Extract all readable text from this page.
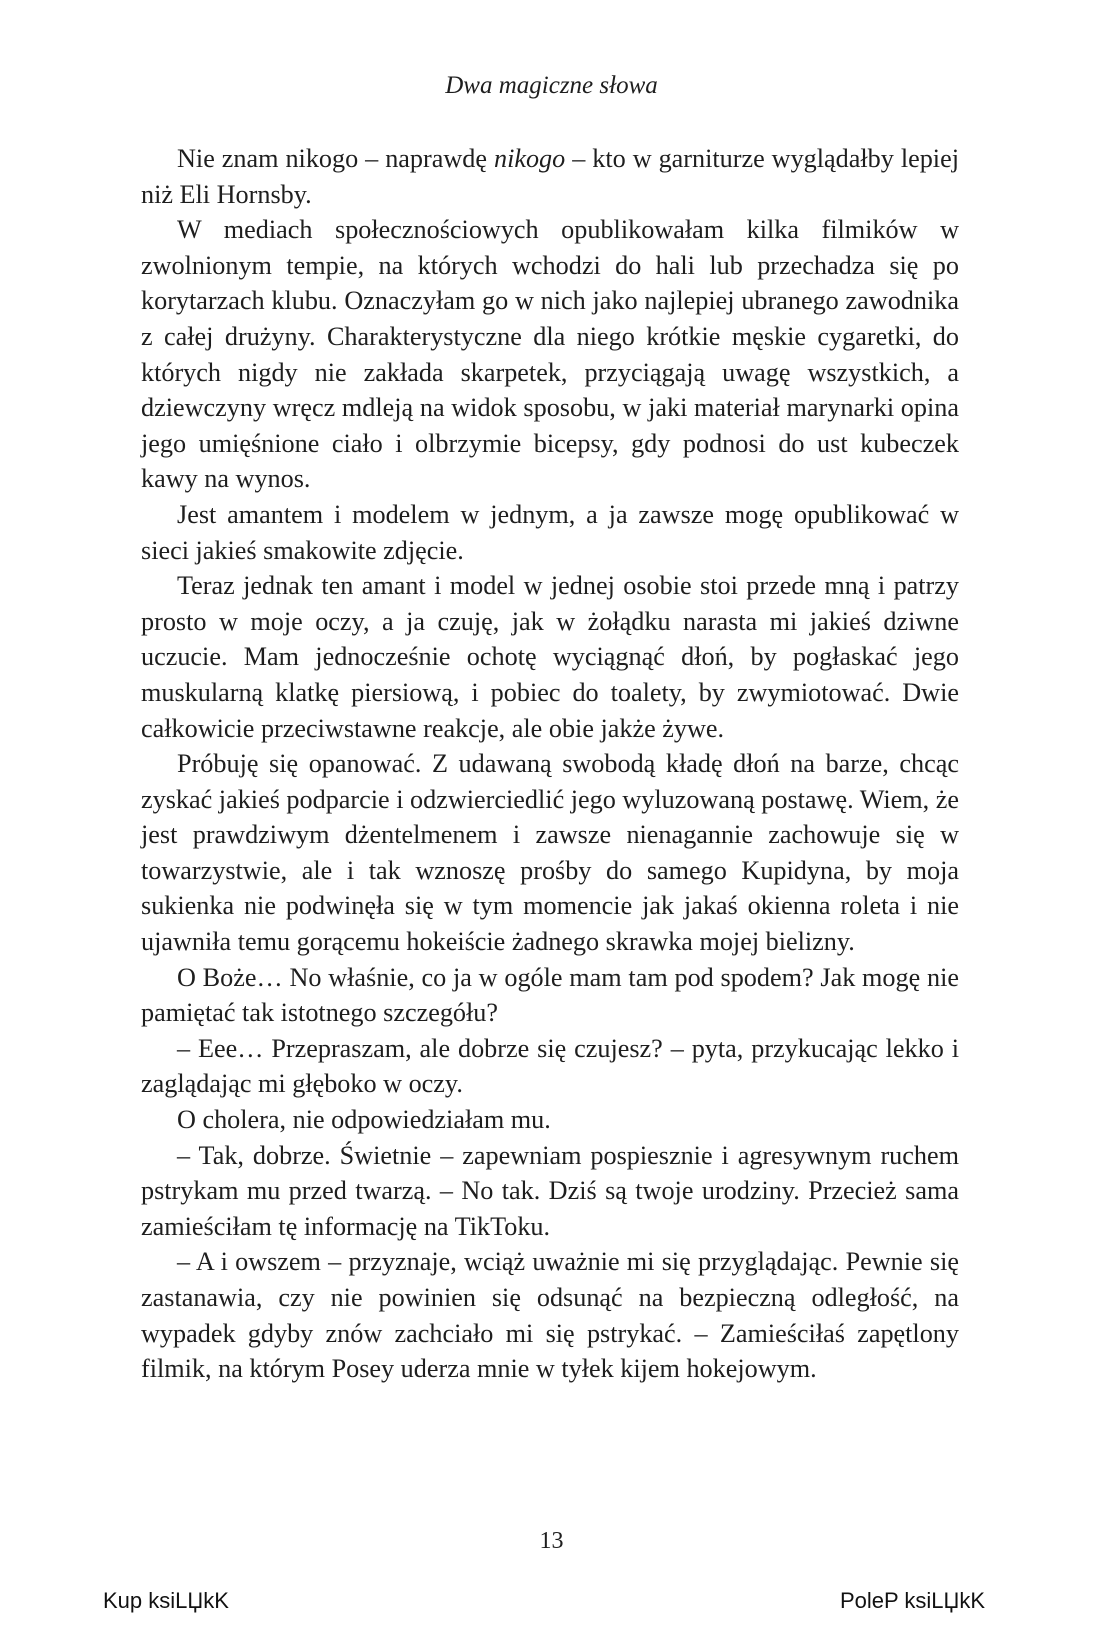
Dwa magiczne słowa

Nie znam nikogo – naprawdę nikogo – kto w garniturze wyglądałby lepiej niż Eli Hornsby.

W mediach społecznościowych opublikowałam kilka filmików w zwolnionym tempie, na których wchodzi do hali lub przechadza się po korytarzach klubu. Oznaczyłam go w nich jako najlepiej ubranego zawodnika z całej drużyny. Charakterystyczne dla niego krótkie męskie cygaretki, do których nigdy nie zakłada skarpetek, przyciągają uwagę wszystkich, a dziewczyny wręcz mdleją na widok sposobu, w jaki materiał marynarki opina jego umięśnione ciało i olbrzymie bicepsy, gdy podnosi do ust kubeczek kawy na wynos.

Jest amantem i modelem w jednym, a ja zawsze mogę opublikować w sieci jakieś smakowite zdjęcie.

Teraz jednak ten amant i model w jednej osobie stoi przede mną i patrzy prosto w moje oczy, a ja czuję, jak w żołądku narasta mi jakieś dziwne uczucie. Mam jednocześnie ochotę wyciągnąć dłoń, by pogłaskać jego muskularną klatkę piersiową, i pobiec do toalety, by zwymiotować. Dwie całkowicie przeciwstawne reakcje, ale obie jakże żywe.

Próbuję się opanować. Z udawaną swobodą kładę dłoń na barze, chcąc zyskać jakieś podparcie i odzwierciedlić jego wyluzowaną postawę. Wiem, że jest prawdziwym dżentelmenem i zawsze nienagannie zachowuje się w towarzystwie, ale i tak wznoszę prośby do samego Kupidyna, by moja sukienka nie podwinęła się w tym momencie jak jakaś okienna roleta i nie ujawniła temu gorącemu hokeiście żadnego skrawka mojej bielizny.

O Boże… No właśnie, co ja w ogóle mam tam pod spodem? Jak mogę nie pamiętać tak istotnego szczegółu?

– Eee… Przepraszam, ale dobrze się czujesz? – pyta, przykucając lekko i zaglądając mi głęboko w oczy.

O cholera, nie odpowiedziałam mu.

– Tak, dobrze. Świetnie – zapewniam pospiesznie i agresywnym ruchem pstrykam mu przed twarzą. – No tak. Dziś są twoje urodziny. Przecież sama zamieściłam tę informację na TikToku.

– A i owszem – przyznaje, wciąż uważnie mi się przyglądając. Pewnie się zastanawia, czy nie powinien się odsunąć na bezpieczną odległość, na wypadek gdyby znów zachciało mi się pstrykać. – Zamieściłaś zapętlony filmik, na którym Posey uderza mnie w tyłek kijem hokejowym.

13
Kup ksiLЏkK	PoleP ksiLЏkK
